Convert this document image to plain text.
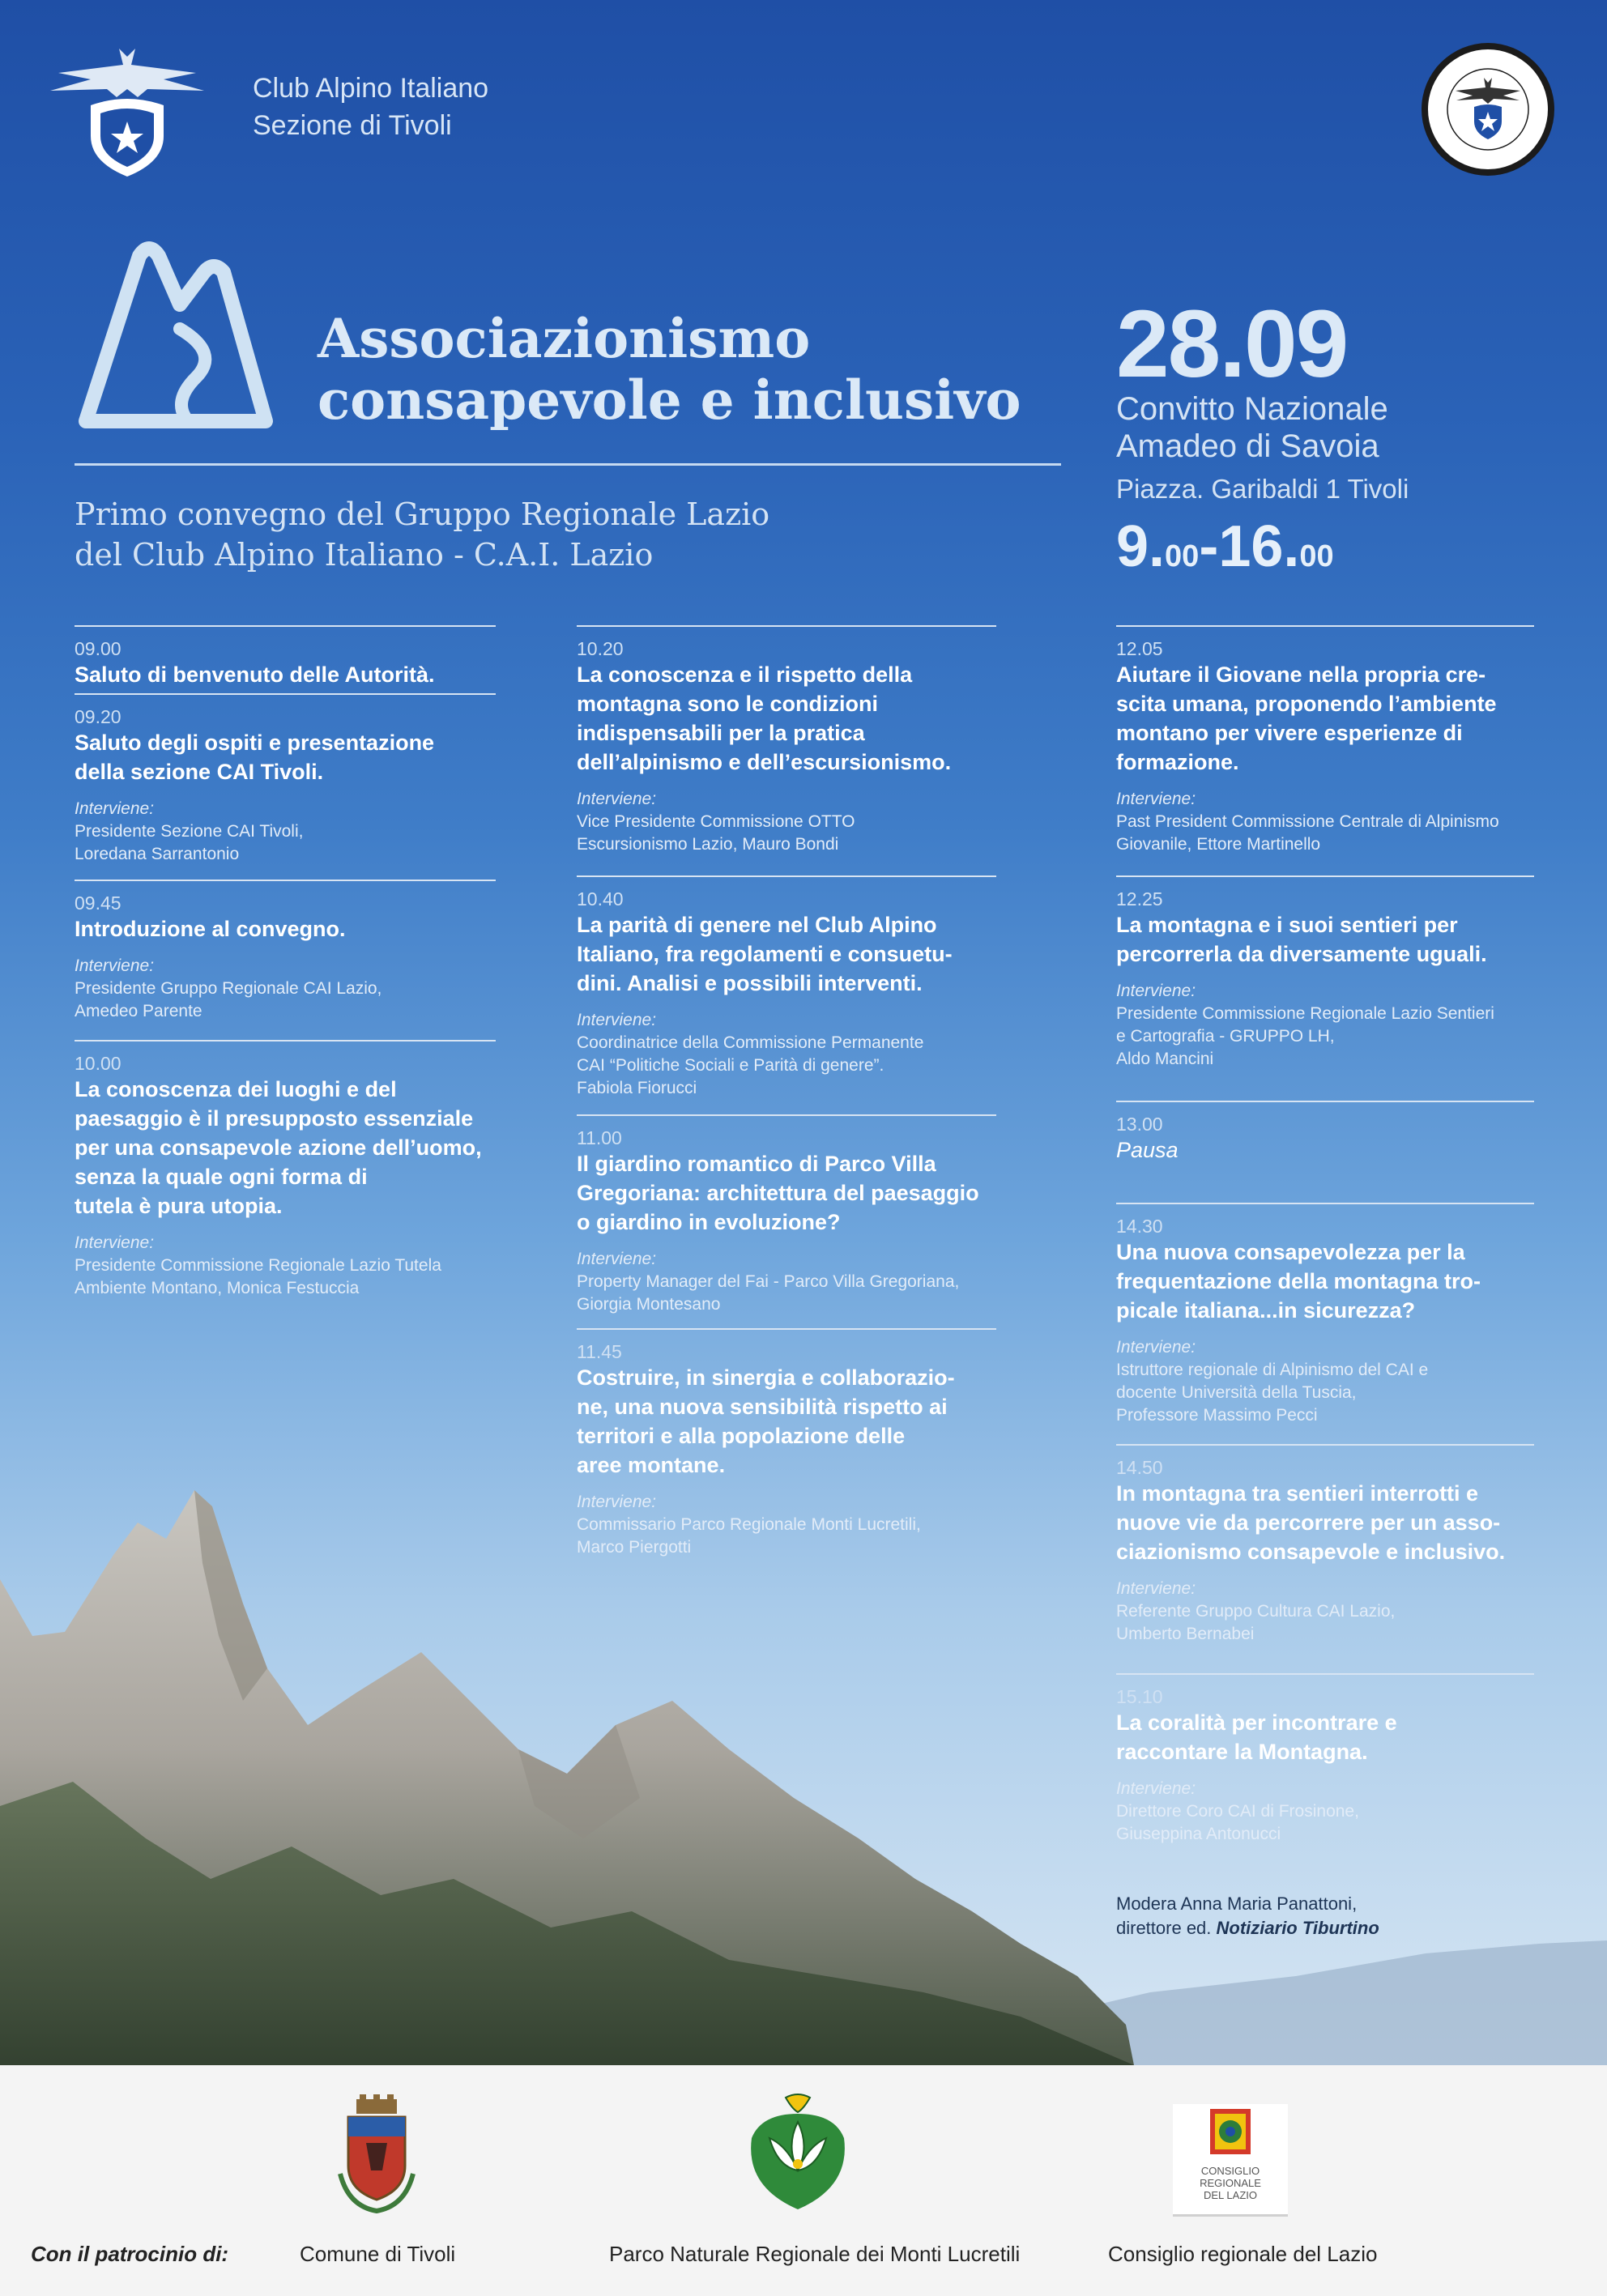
Club Alpino Italiano
Sezione di Tivoli
Associazionismo
consapevole e inclusivo
Primo convegno del Gruppo Regionale Lazio
del Club Alpino Italiano - C.A.I. Lazio
28.09
Convitto Nazionale
Amadeo di Savoia
Piazza. Garibaldi 1 Tivoli
9.00-16.00
09.00
Saluto di benvenuto delle Autorità.
09.20
Saluto degli ospiti e presentazione
della sezione CAI Tivoli.
Interviene:
Presidente Sezione CAI Tivoli,
Loredana Sarrantonio
09.45
Introduzione al convegno.
Interviene:
Presidente Gruppo Regionale CAI Lazio,
Amedeo Parente
10.00
La conoscenza dei luoghi e del
paesaggio è il presupposto essenziale
per una consapevole azione dell’uomo,
senza la quale ogni forma di
tutela è pura utopia.
Interviene:
Presidente Commissione Regionale Lazio Tutela
Ambiente Montano, Monica Festuccia
10.20
La conoscenza e il rispetto della
montagna sono le condizioni
indispensabili per la pratica
dell’alpinismo e dell’escursionismo.
Interviene:
Vice Presidente Commissione OTTO
Escursionismo Lazio, Mauro Bondi
10.40
La parità di genere nel Club Alpino
Italiano, fra regolamenti e consuetu-
dini. Analisi e possibili interventi.
Interviene:
Coordinatrice della Commissione Permanente
CAI “Politiche Sociali e Parità di genere”.
Fabiola Fiorucci
11.00
Il giardino romantico di Parco Villa
Gregoriana: architettura del paesaggio
o giardino in evoluzione?
Interviene:
Property Manager del Fai - Parco Villa Gregoriana,
Giorgia Montesano
11.45
Costruire, in sinergia e collaborazio-
ne, una nuova sensibilità rispetto ai
territori e alla popolazione delle
aree montane.
Interviene:
Commissario Parco Regionale Monti Lucretili,
Marco Piergotti
12.05
Aiutare il Giovane nella propria cre-
scita umana, proponendo l’ambiente
montano per vivere esperienze di
formazione.
Interviene:
Past President Commissione Centrale di Alpinismo
Giovanile, Ettore Martinello
12.25
La montagna e i suoi sentieri per
percorrerla da diversamente uguali.
Interviene:
Presidente Commissione Regionale Lazio Sentieri
e Cartografia - GRUPPO LH,
Aldo Mancini
13.00
Pausa
14.30
Una nuova consapevolezza per la
frequentazione della montagna tro-
picale italiana...in sicurezza?
Interviene:
Istruttore regionale di Alpinismo del CAI e
docente Università della Tuscia,
Professore Massimo Pecci
14.50
In montagna tra sentieri interrotti e
nuove vie da percorrere per un asso-
ciazionismo consapevole e inclusivo.
Interviene:
Referente Gruppo Cultura CAI Lazio,
Umberto Bernabei
15.10
La coralità per incontrare e
raccontare la Montagna.
Interviene:
Direttore Coro CAI di Frosinone,
Giuseppina Antonucci
Modera Anna Maria Panattoni,
direttore ed. Notiziario Tiburtino
CONSIGLIO
REGIONALE
DEL LAZIO
Con il patrocinio di:	Comune di Tivoli	Parco Naturale Regionale dei Monti Lucretili	Consiglio regionale del Lazio
